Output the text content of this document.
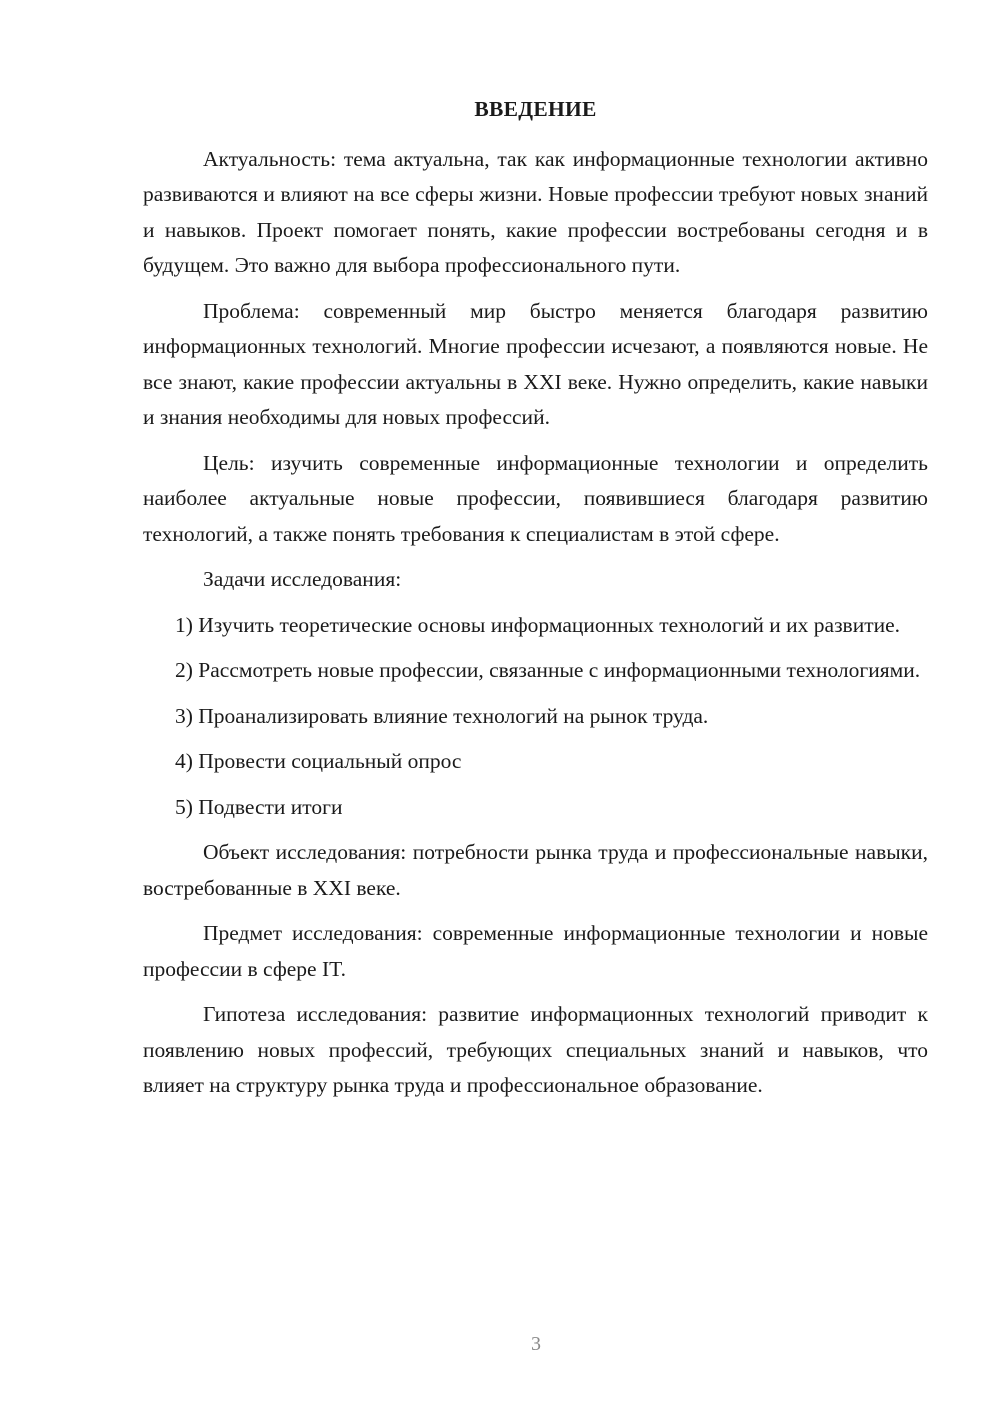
ВВЕДЕНИЕ

Актуальность: тема актуальна, так как информационные технологии активно развиваются и влияют на все сферы жизни. Новые профессии требуют новых знаний и навыков. Проект помогает понять, какие профессии востребованы сегодня и в будущем. Это важно для выбора профессионального пути.

Проблема: современный мир быстро меняется благодаря развитию информационных технологий. Многие профессии исчезают, а появляются новые. Не все знают, какие профессии актуальны в XXI веке. Нужно определить, какие навыки и знания необходимы для новых профессий.

Цель: изучить современные информационные технологии и определить наиболее актуальные новые профессии, появившиеся благодаря развитию технологий, а также понять требования к специалистам в этой сфере.

Задачи исследования:

1) Изучить теоретические основы информационных технологий и их развитие.

2) Рассмотреть новые профессии, связанные с информационными технологиями.

3) Проанализировать влияние технологий на рынок труда.

4) Провести социальный опрос

5) Подвести итоги

Объект исследования: потребности рынка труда и профессиональные навыки, востребованные в XXI веке.

Предмет исследования: современные информационные технологии и новые профессии в сфере IT.

Гипотеза исследования: развитие информационных технологий приводит к появлению новых профессий, требующих специальных знаний и навыков, что влияет на структуру рынка труда и профессиональное образование.

3
